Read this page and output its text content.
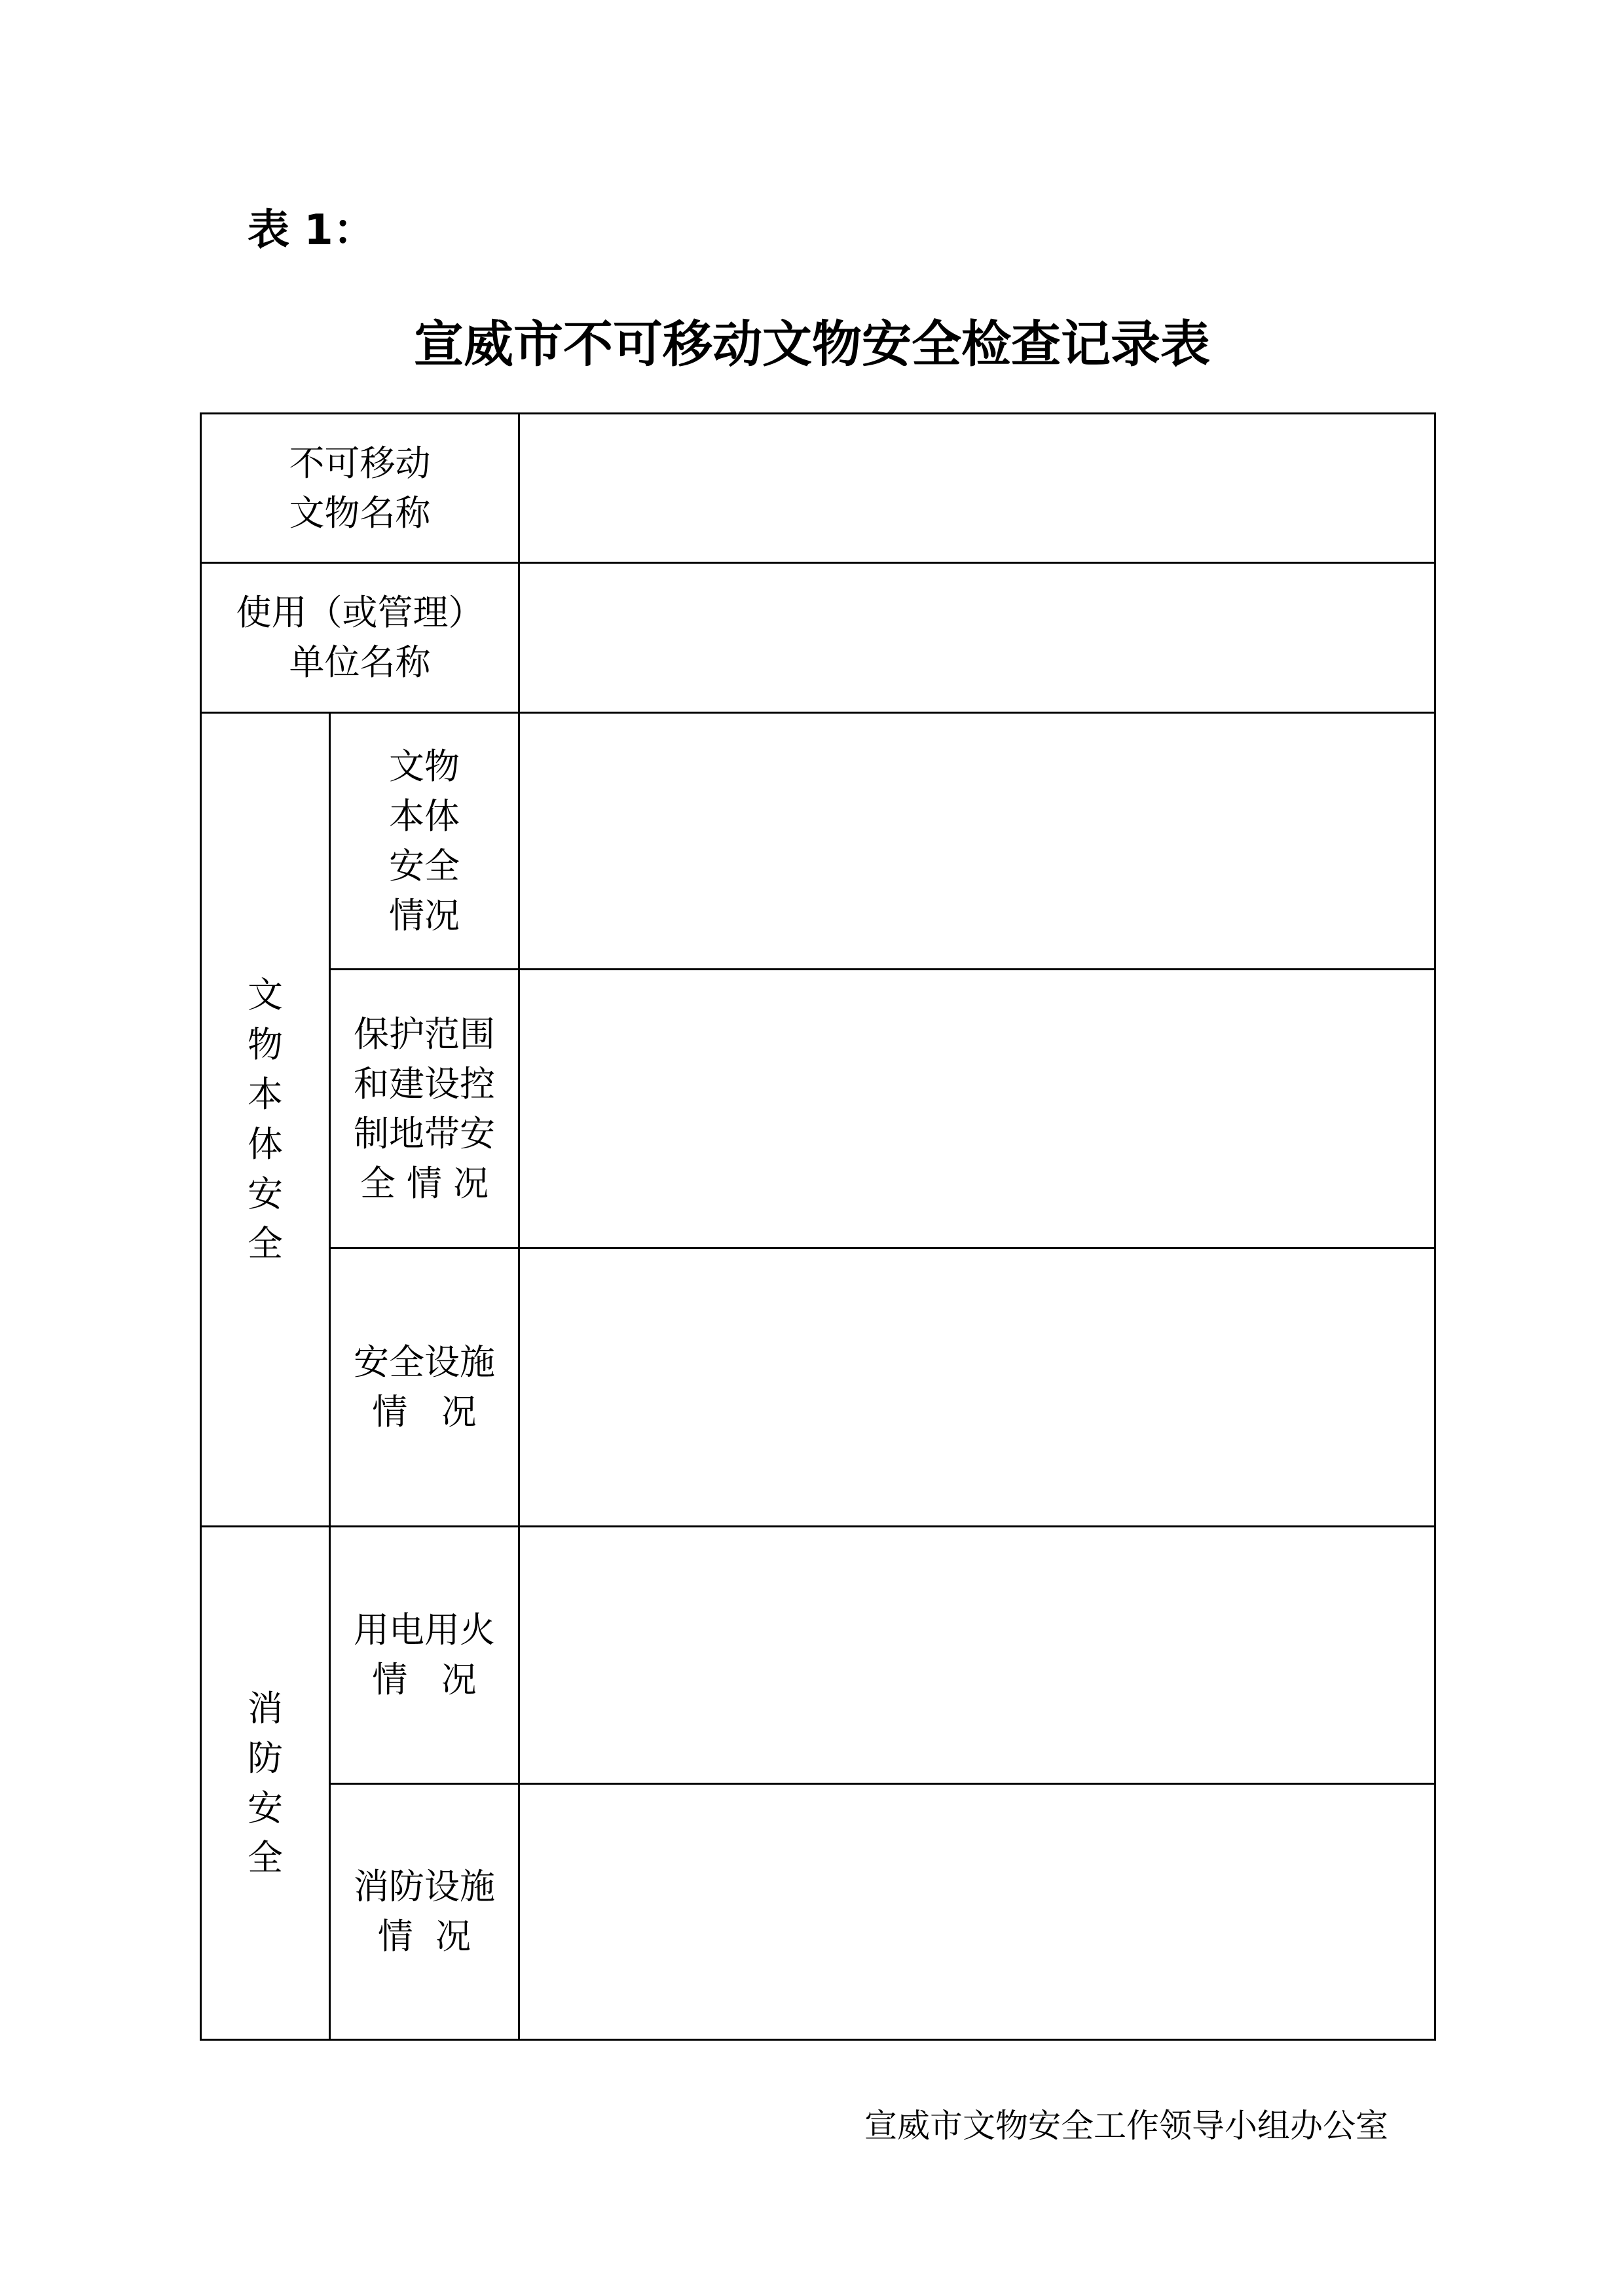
表 1：
宣威市不可移动文物安全检查记录表
不可移动
文物名称
使用（或管理）
单位名称
文
物
本
体
安
全
文物
本体
安全
情况
保护范围
和建设控
制地带安
全 情 况
安全设施
情   况
消
防
安
全
用电用火
情   况
消防设施
情  况
宣威市文物安全工作领导小组办公室
